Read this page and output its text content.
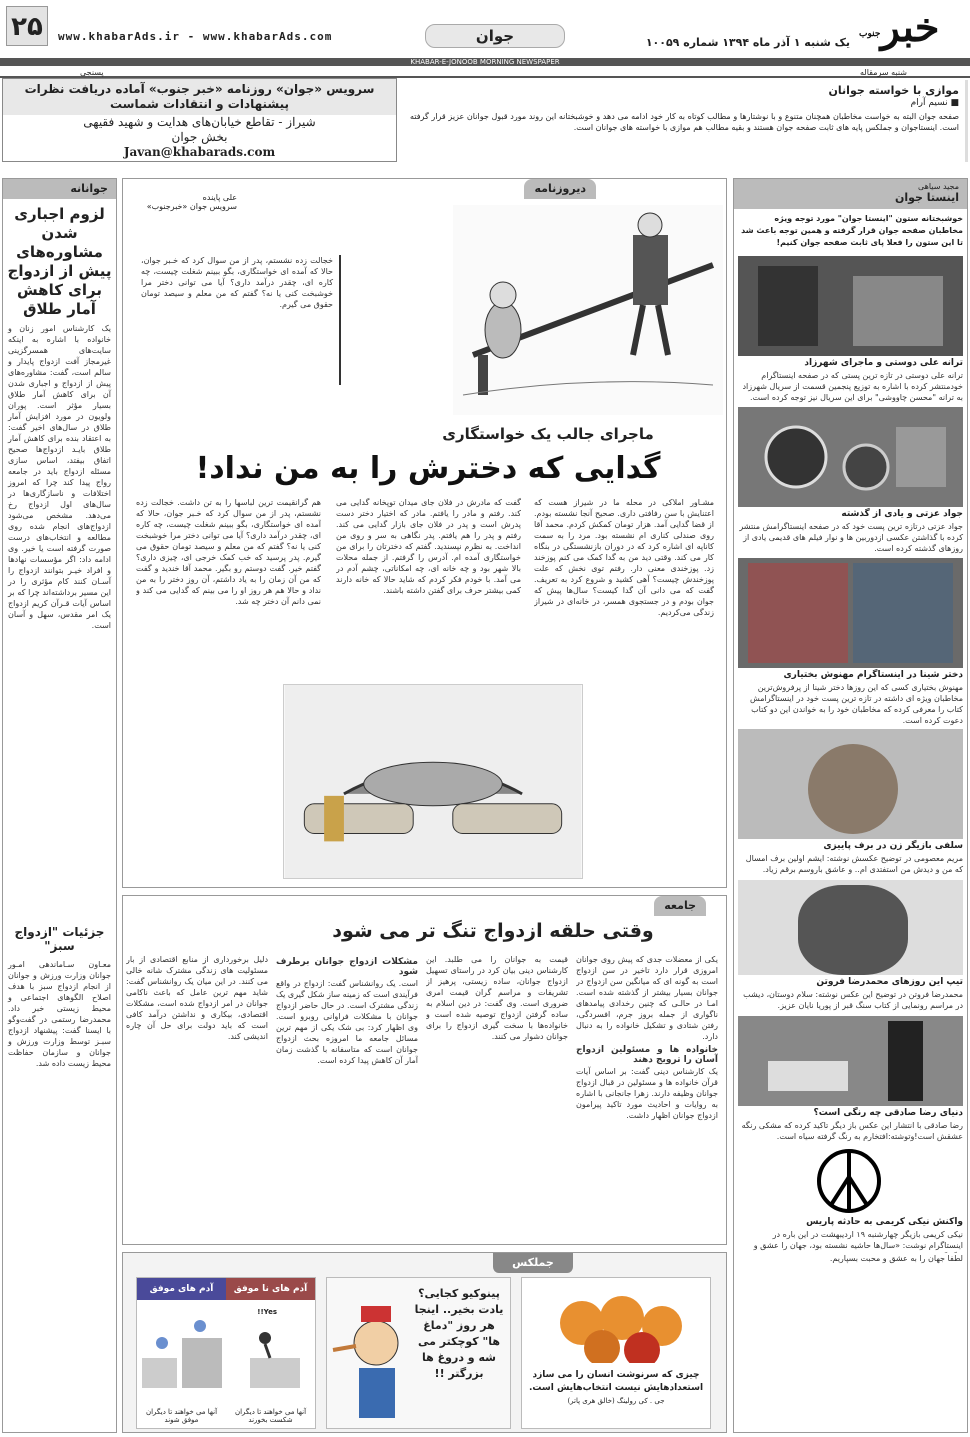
۲۵	www.khabarAds.ir - www.khabarAds.com	جوان	یک شنبه ۱ آذر ماه ۱۳۹۴ شماره ۱۰۰۵۹ خبر
جنوب
KHABAR-E-JONOOB MORNING NEWSPAPER
شنبه سرمقاله
پسنجی
سرویس «جوان» روزنامه «خبر جنوب» آماده دریافت نظرات پیشنهادات و انتقادات شماست
شیراز - تقاطع خیابان‌های هدایت و شهید فقیهی
بخش جوان
Javan@khabarads.com
موازی با خواسته جوانان
■ نسیم آرام
صفحه جوان البته به خواست مخاطبان همچنان متنوع و با نوشتارها و مطالب کوتاه به کار خود ادامه می دهد و خوشبختانه این روند مورد قبول جوانان عزیز قرار گرفته است. اینستاجوان و جملکس پایه های ثابت صفحه جوان هستند و بقیه مطالب هم موازی با خواسته های جوانان است.
جوانانه
لزوم اجباری شدن مشاوره‌های پیش از ازدواج برای کاهش آمار طلاق
یک کارشناس امور زنان و خانواده با اشاره به اینکه سایت‌های همسرگزینی غیرمجاز آفت ازدواج پایدار و سالم است، گفت: مشاوره‌های پیش از ازدواج و اجباری شدن آن برای کاهش آمار طلاق بسیار مؤثر است. پوران ولویون در مورد افزایش آمار طلاق در سال‌های اخیر گفت: به اعتقاد بنده برای کاهش آمار طلاق بایـد ازدواج‌ها صحیح اتفاق بیفتد، اساس سازی مسئله ازدواج باید در جامعه رواج پیدا کند چرا که امروز اختلافات و ناسازگاری‌ها در سال‌های اول ازدواج رخ می‌دهد. مشخص می‌شود ازدواج‌های انجام شده روی مطالعه و انتخاب‌های درست صورت گرفته است یا خیر. وی ادامه داد: اگر مؤسسات نهادها و افراد خیـر بتوانند ازدواج را آسـان کنند کام مؤثری را در این مسیر برداشته‌اند چرا که بر اساس آیات قـرآن کریم ازدواج یک امر مقدس، سهل و آسان است.
جزئیات "ازدواج سبز"
معـاون سـاماندهی امـور جوانان وزارت ورزش و جوانان از انجام ازدواج سبز با هدف اصلاح الگوهای اجتماعی و محیط زیستی خبر داد. محمدرضا رستمی در گفت‌وگو با ایسنا گفت: پیشنهاد ازدواج سبـز توسط وزارت ورزش و جوانان و سازمان حفاظت محیط زیست داده شد.
مجید سیاهی
اینستا جوان
خوشبختانه ستون "اینستا جوان" مورد توجه ویژه مخاطبان صفحه جوان قرار گرفته و همین توجه باعث شد تا این ستون را فعلا پای ثابت صفحه جوان کنیم!
ترانه علی دوستی و ماجرای شهرزاد
ترانه علی دوستی در تازه ترین پستی که در صفحه اینستاگرام خودمنتشر کرده با اشاره به توزیع پنجمین قسمت از سریال شهرزاد به ترانه "محسن چاووشی" برای این سریال نیز توجه کرده است.
جواد عزتی و یادی از گذشته
جواد عزتی درتازه ترین پست خود که در صفحه اینستاگرامش منتشر کرده با گذاشتن عکسی ازدوربین ها و نوار فیلم های قدیمی یادی از روزهای گذشته کرده است.
دختر شینا در اینستاگرام مهنوش بختیاری
مهنوش بختیاری کسی که این روزها دختر شینا از پرفروش‌ترین مخاطبان ویژه ای داشته در تازه ترین پست خود در اینستاگرامش کتاب را معرفی کرده که مخاطبان خود را به خواندن این دو کتاب دعوت کرده است.
سلفی بازیگر زن در برف پاییزی
مریم معصومی در توضیح عکسش نوشته: ایشم اولین برف امسال که من و دیدش من استفتدی ام.. و عاشق باروسم برقم زیاد.
تیپ این روزهای محمدرضا فروتن
محمدرضا فروتن در توضیح این عکس نوشته: سلام دوستان، دیشب در مراسم رونمایی از کتاب سنگ قبر از پوریا نایان عزیز.
دنیای رضا صادقی چه رنگی است؟
رضا صادقی با انتشار این عکس باز دیگر تاکید کرده که مشکی رنگه عشقش است!وتوشته:افتخارم به رنگ گرفته سیاه است.
واکنش نیکی کریمی به حادثه پاریس
نیکی کریمی بازیگر چهارشنبه ۱۹ اردیبهشت در این باره در اینستاگرام نوشت: «سال‌ها حاشیه نشسته بود، جهان را عشق و
لطفا جهان را به عشق و محبت بسپاریم.
دیروزنامه
علی پاینده
سرویس جوان «خبرجنوب»
خجالت زده نشستم، پدر از من سوال کرد که خـبر جوان، حالا که آمده ای خواستگاری، بگو ببینم شغلت چیست، چه کاره ای، چقدر درآمد داری؟ آیا می توانی دختر مرا خوشبخت کنی یا نه؟ گفتم که من معلم و سیصد تومان حقوق می گیرم.
ماجرای جالب یک خواستگاری
گدایی که دخترش را به من نداد!
مشـاور املاکی در محله ما در شیراز هست که اعتنایش با سن رفافتی داری. صحیح آنجا نشسته بودم. از قضا گدایی آمد. هزار تومان کمکش کردم. محمد آقا روی صندلی کناری ام نشسته بود. مرد را به سمت کاناپه ای اشاره کرد که در دوران بازنشستگی در بنگاه کار می کند. وقتی دید من به گدا کمک می کنم پوزخند زد. پوزخندی معنی دار. رفتم توی نخش که علت پوزخندش چیست؟ آهی کشید و شروع کرد به تعریف. گفت که می دانی آن گدا کیست؟ سال‌ها پیش که جوان بودم و در جستجوی همسر، در خانه‌ای در شیراز زندگی می‌کردیم.
گفت که مادرش در فلان جای میدان توپخانه گدایی می کند. رفتم و مادر را یافتم. مادر که اختیار دختر دست پدرش است و پدر در فلان جای بازار گدایی می کند. رفتم و پدر را هم یافتم. پدر نگاهی به سر و روی من انداخت. به نظرم نپسندید. گفتم که دخترتان را برای من خواستگاری آمده ام. آدرس را گرفتم. از جمله محلات بالا شهر بود و چه خانه ای، چه امکاناتی، چشم آدم در می آمد. با خودم فکر کردم که شاید حالا که خانه دارند کمی بیشتر حرف برای گفتن داشته باشند.
هم گرانقیمت ترین لباسها را به تن داشت. خجالت زده نشستم، پدر از من سوال کرد که خـبر جوان، حالا که آمده ای خواستگاری، بگو ببینم شغلت چیست، چه کاره ای، چقدر درآمد داری؟ آیا می توانی دختر مرا خوشبخت کنی یا نه؟ گفتم که من معلم و سیصد تومان حقوق می گیرم. پدر پرسید که خب کمک خرجی ای، چیزی داری؟ گفتم خیر. گفت دوستم رو بگیر. محمد آقا خندید و گفت که من آن زمان را به یاد داشتم، آن روز دختر را به من نداد و حالا هم هر روز او را می بینم که گدایی می کند و نمی دانم آن دختر چه شد.
جامعه
وقتی حلقه ازدواج تنگ تر می شود
یکی از معضلات جدی که پیش روی جوانان امروزی قرار دارد تاخیر در سن ازدواج است به گونه ای که میانگین سن ازدواج در جوانان بسیار بیشتر از گذشته شده است. امـا در حالـی که چنین رخدادی پیامدهای ناگواری از جمله بروز جرم، افسردگی، رفتن شتادی و تشکیل خانواده را به دنبال دارد.
خانواده ها و مسئولین ازدواج آسان را ترویج دهند
یک کارشناس دینی گفت: بر اساس آیات قرآن خانواده ها و مسئولین در قبال ازدواج جوانان وظیفه دارند. زهرا جانجانی با اشاره به روایات و احادیث مورد تاکید پیرامون ازدواج جوانان اظهار داشت.
قیمت به جوانان را می طلبد. این کارشناس دینی بیان کرد در راستای تسهیل ازدواج جوانان، ساده زیستی، پرهیز از تشریفات و مراسم گران قیمت امری ضروری است. وی گفت: در دین اسلام به ساده گرفتن ازدواج توصیه شده است و خانواده‌ها با سخت گیری ازدواج را برای جوانان دشوار می کنند.
مشکلات ازدواج جوانان برطرف شود
است. یک روانشناس گفت: ازدواج در واقع فرآیندی است که زمینه ساز شکل گیری یک زندگی مشترک است. در حال حاضر ازدواج جوانان با مشکلات فراوانی روبرو است. وی اظهار کرد: بی شک یکی از مهم ترین مسائل جامعه ما امروزه بحث ازدواج جوانان است که متاسفانه با گذشت زمان آمار آن کاهش پیدا کرده است.
دلیل برخورداری از منابع اقتصادی از بار مسئولیت های زندگی مشترک شانه خالی می کنند. در این میان یک روانشناس گفت: شاید مهم ترین عامل که باعث ناکامی جوانان در امر ازدواج شده است، مشکلات اقتصادی، بیکاری و نداشتن درآمد کافی است که باید دولت برای حل آن چاره اندیشی کند.
جملکس
چیزی که سرنوشت انسان را می سازد استعدادهایش نیست انتخاب‌هایش است.
جی . کی رولینگ (خالق هری پاتر)
پینوکیو کجایی؟ یادت بخیر.. اینجا هر روز "دماغ ها" کوچکتر می شه و دروغ ها بزرگتر !!
آدم های موفق	آدم های نا موفق
Yes!!
آنها می خواهند تا دیگران موفق شوند
آنها می خواهند تا دیگران شکست بخورند
